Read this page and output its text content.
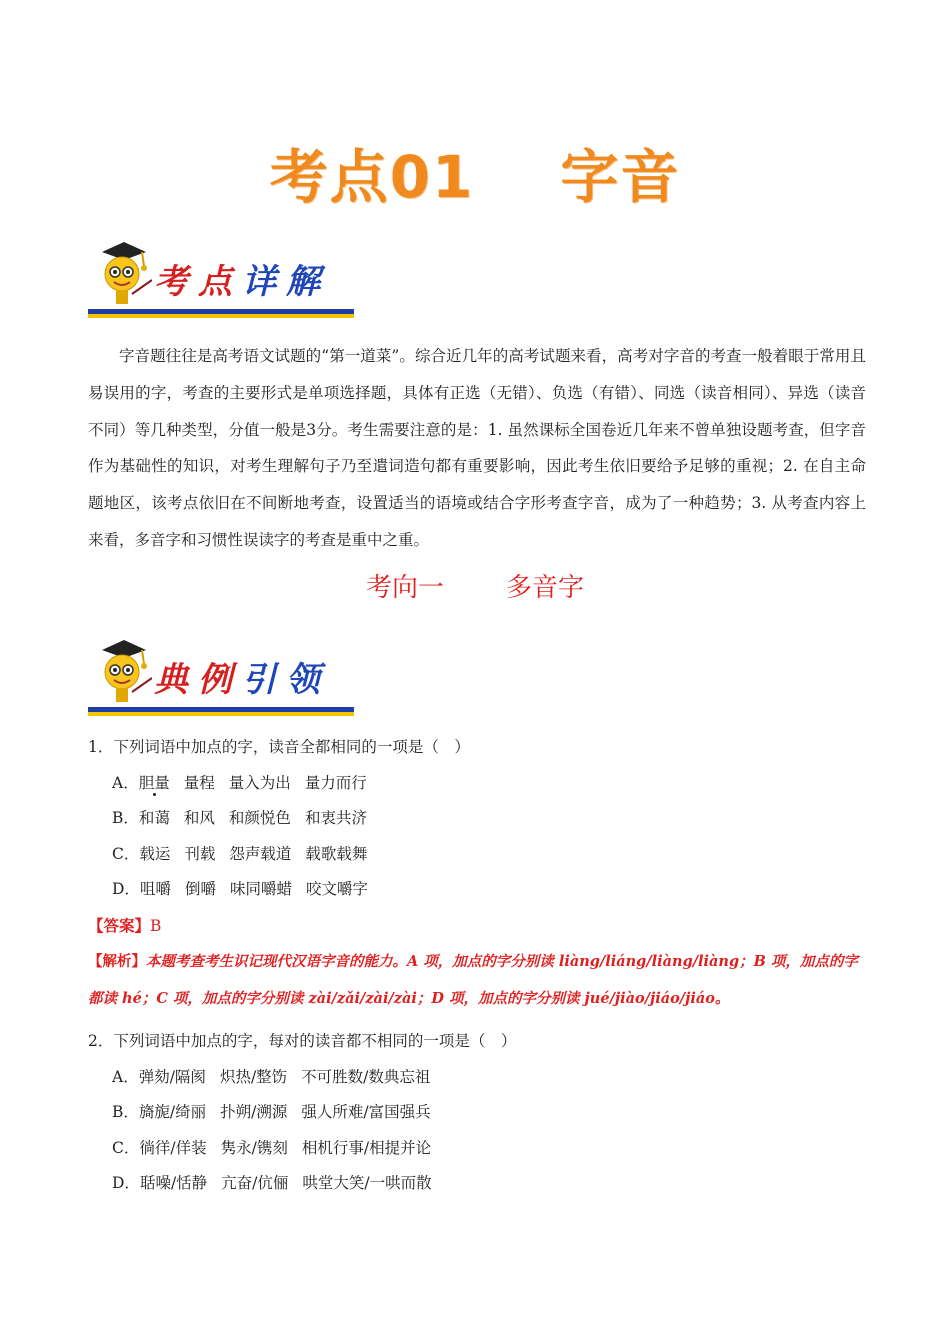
考点01 字音
考点详解

字音题往往是高考语文试题的“第一道菜”。综合近几年的高考试题来看，高考对字音的考查一般着眼于常用且易误用的字，考查的主要形式是单项选择题，具体有正选（无错）、负选（有错）、同选（读音相同）、异选（读音不同）等几种类型，分值一般是3分。考生需要注意的是：1. 虽然课标全国卷近几年来不曾单独设题考查，但字音作为基础性的知识，对考生理解句子乃至遣词造句都有重要影响，因此考生依旧要给予足够的重视；2. 在自主命题地区，该考点依旧在不间断地考查，设置适当的语境或结合字形考查字音，成为了一种趋势；3. 从考查内容上来看，多音字和习惯性误读字的考查是重中之重。

考向一 多音字
典例引领
1．下列词语中加点的字，读音全都相同的一项是（　）
A．胆量 量程 量入为出 量力而行
B．和蔼 和风 和颜悦色 和衷共济
C．载运 刊载 怨声载道 载歌载舞
D．咀嚼 倒嚼 味同嚼蜡 咬文嚼字
【答案】B
【解析】本题考查考生识记现代汉语字音的能力。A 项，加点的字分别读 liàng/liáng/liàng/liàng；B 项，加点的字都读 hé；C 项，加点的字分别读 zài/zǎi/zài/zài；D 项，加点的字分别读 jué/jiào/jiáo/jiáo。
2．下列词语中加点的字，每对的读音都不相同的一项是（　）
A．弹劾/隔阂 炽热/整饬 不可胜数/数典忘祖
B．旖旎/绮丽 扑朔/溯源 强人所难/富国强兵
C．徜徉/佯装 隽永/镌刻 相机行事/相提并论
D．聒噪/恬静 亢奋/伉俪 哄堂大笑/一哄而散
